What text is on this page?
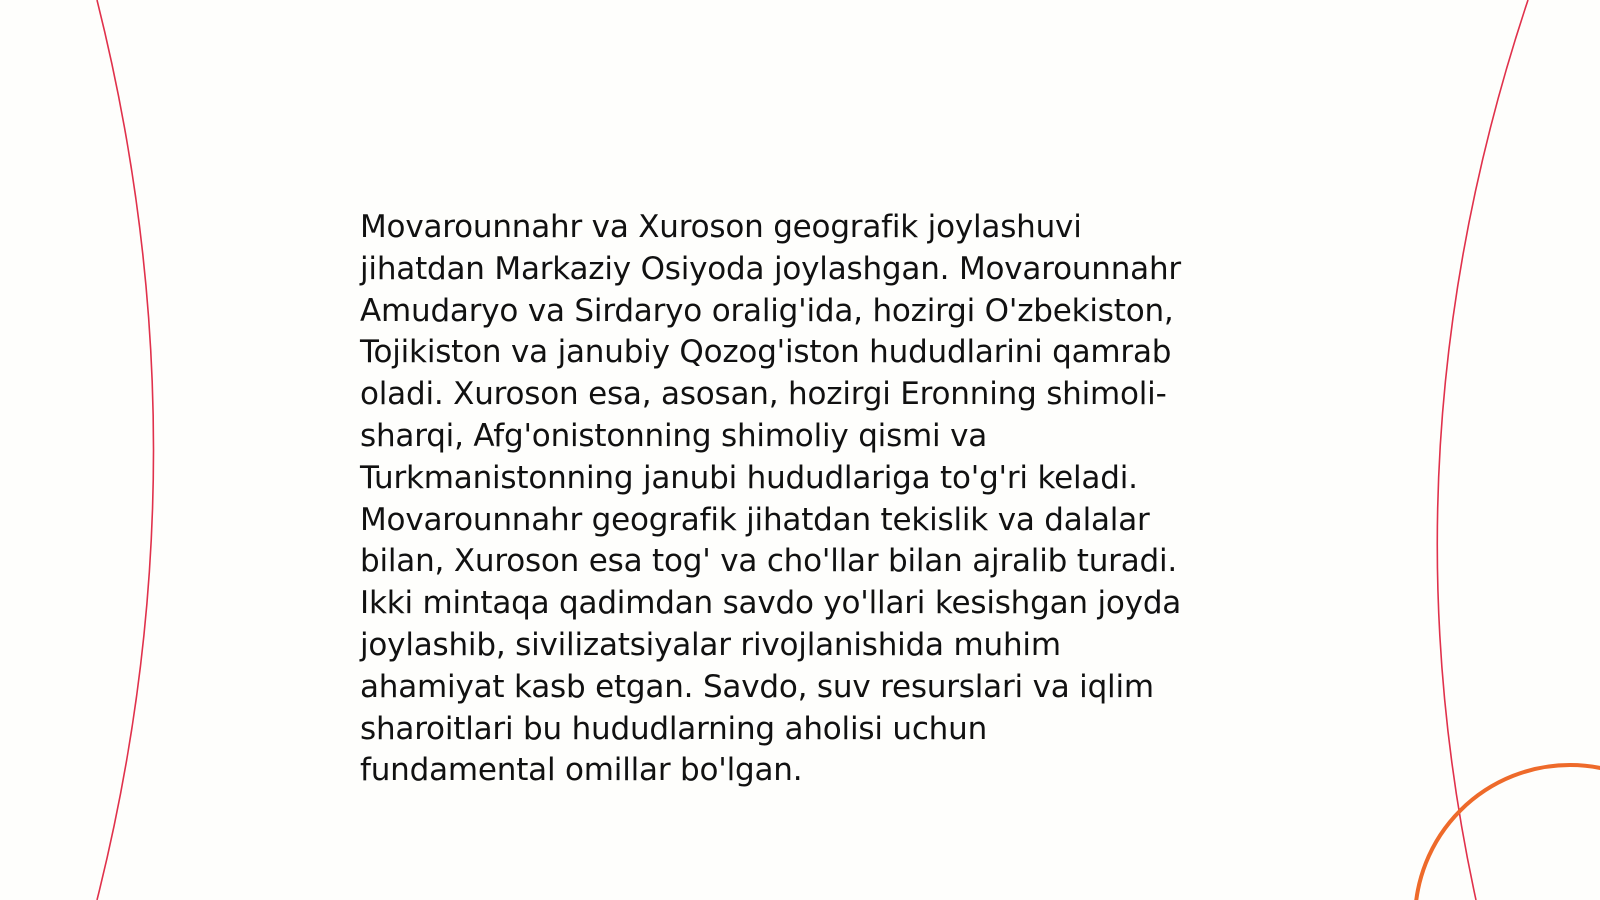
Movarounnahr va Xuroson geografik joylashuvi
jihatdan Markaziy Osiyoda joylashgan. Movarounnahr
Amudaryo va Sirdaryo oralig'ida, hozirgi O'zbekiston,
Tojikiston va janubiy Qozog'iston hududlarini qamrab
oladi. Xuroson esa, asosan, hozirgi Eronning shimoli-
sharqi, Afg'onistonning shimoliy qismi va
Turkmanistonning janubi hududlariga to'g'ri keladi.
Movarounnahr geografik jihatdan tekislik va dalalar
bilan, Xuroson esa tog' va cho'llar bilan ajralib turadi.
Ikki mintaqa qadimdan savdo yo'llari kesishgan joyda
joylashib, sivilizatsiyalar rivojlanishida muhim
ahamiyat kasb etgan. Savdo, suv resurslari va iqlim
sharoitlari bu hududlarning aholisi uchun
fundamental omillar bo'lgan.
